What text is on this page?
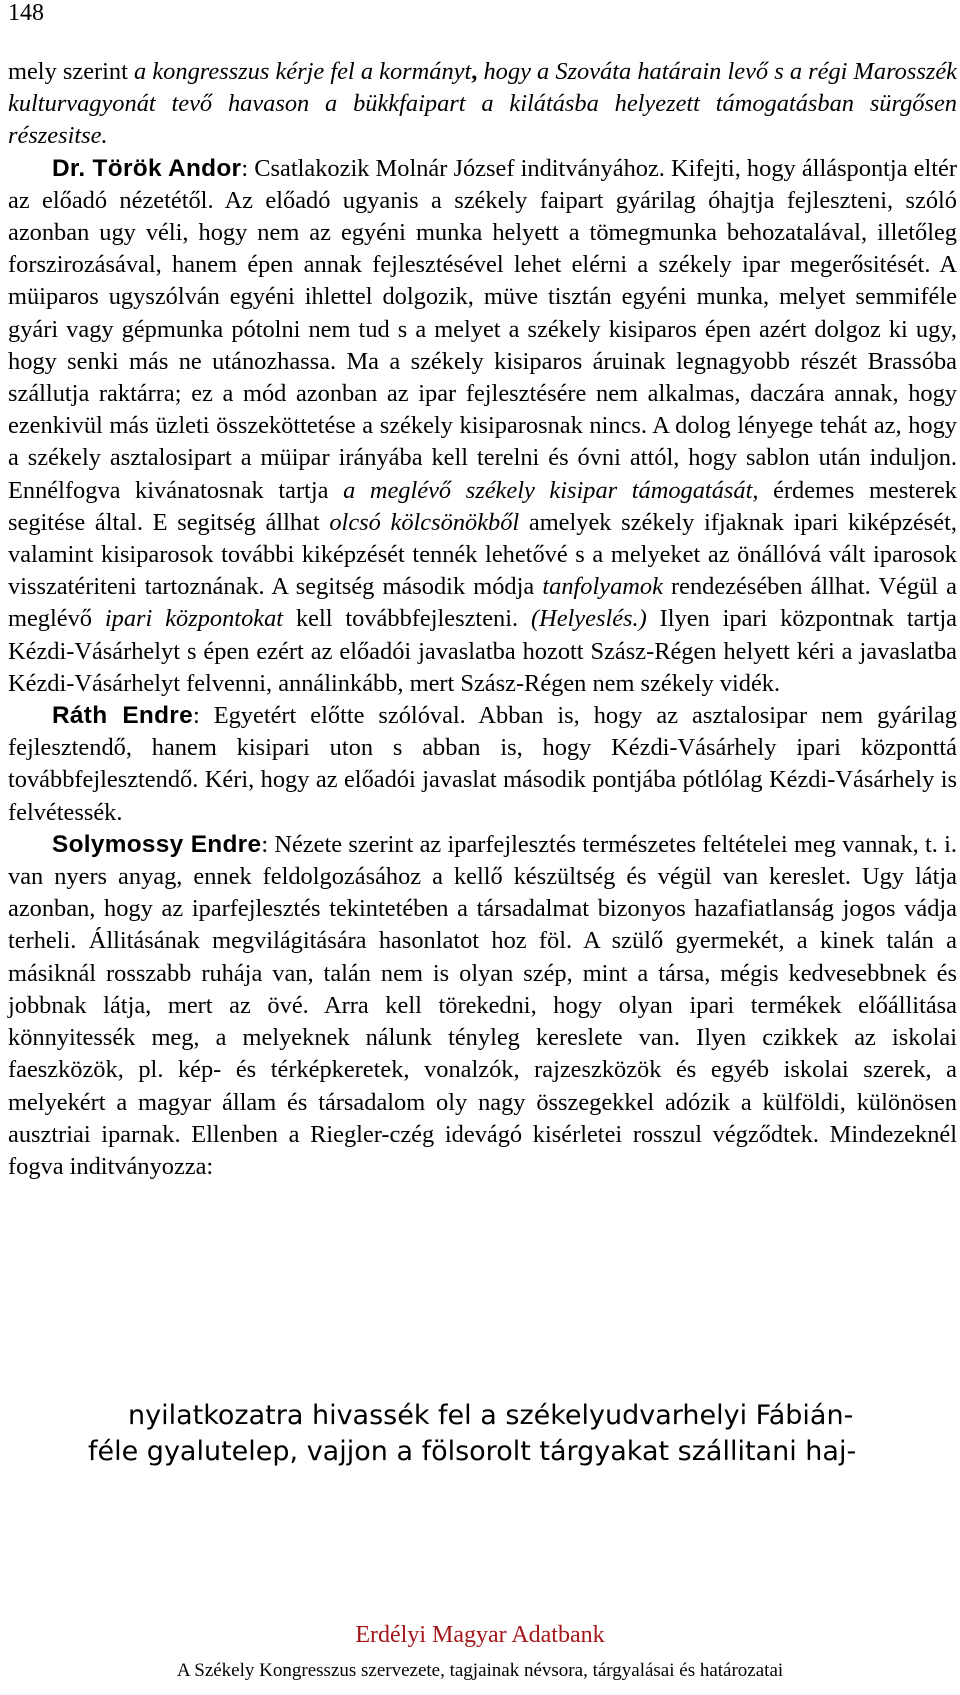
148

mely szerint a kongresszus kérje fel a kormányt, hogy a Szováta határain levő s a régi Marosszék kulturvagyonát tevő havason a bükkfaipart a kilátásba helyezett támogatásban sürgősen részesitse.

Dr. Török Andor: Csatlakozik Molnár József inditványához. Kifejti, hogy álláspontja eltér az előadó nézetétől. Az előadó ugyanis a székely faipart gyárilag óhajtja fejleszteni, szóló azonban ugy véli, hogy nem az egyéni munka helyett a tömegmunka behozatalával, illetőleg forszirozásával, hanem épen annak fejlesztésével lehet elérni a székely ipar megerősitését. A müiparos ugyszólván egyéni ihlettel dolgozik, müve tisztán egyéni munka, melyet semmiféle gyári vagy gépmunka pótolni nem tud s a melyet a székely kisiparos épen azért dolgoz ki ugy, hogy senki más ne utánozhassa. Ma a székely kisiparos áruinak legnagyobb részét Brassóba szállutja raktárra; ez a mód azonban az ipar fejlesztésére nem alkalmas, daczára annak, hogy ezenkivül más üzleti összeköttetése a székely kisiparosnak nincs. A dolog lényege tehát az, hogy a székely asztalosipart a müipar irányába kell terelni és óvni attól, hogy sablon után induljon. Ennélfogva kivánatosnak tartja a meglévő székely kisipar támogatását, érdemes mesterek segitése által. E segitség állhat olcsó kölcsönökből amelyek székely ifjaknak ipari kiképzését, valamint kisiparosok további kiképzését tennék lehetővé s a melyeket az önállóvá vált iparosok visszatériteni tartoznának. A segitség második módja tanfolyamok rendezésében állhat. Végül a meglévő ipari központokat kell továbbfejleszteni. (Helyeslés.) Ilyen ipari központnak tartja Kézdi-Vásárhelyt s épen ezért az előadói javaslatba hozott Szász-Régen helyett kéri a javaslatba Kézdi-Vásárhelyt felvenni, annálinkább, mert Szász-Régen nem székely vidék.

Ráth Endre: Egyetért előtte szólóval. Abban is, hogy az asztalosipar nem gyárilag fejlesztendő, hanem kisipari uton s abban is, hogy Kézdi-Vásárhely ipari központtá továbbfejlesztendő. Kéri, hogy az előadói javaslat második pontjába pótlólag Kézdi-Vásárhely is felvétessék.

Solymossy Endre: Nézete szerint az iparfejlesztés természetes feltételei meg vannak, t. i. van nyers anyag, ennek feldolgozásához a kellő készültség és végül van kereslet. Ugy látja azonban, hogy az iparfejlesztés tekintetében a társadalmat bizonyos hazafiatlanság jogos vádja terheli. Állitásának megvilágitására hasonlatot hoz föl. A szülő gyermekét, a kinek talán a másiknál rosszabb ruhája van, talán nem is olyan szép, mint a társa, mégis kedvesebbnek és jobbnak látja, mert az övé. Arra kell törekedni, hogy olyan ipari termékek előállitása könnyitessék meg, a melyeknek nálunk tényleg kereslete van. Ilyen czikkek az iskolai faeszközök, pl. kép- és térképkeretek, vonalzók, rajzeszközök és egyéb iskolai szerek, a melyekért a magyar állam és társadalom oly nagy összegekkel adózik a külföldi, különösen ausztriai iparnak. Ellenben a Riegler-czég idevágó kisérletei rosszul végződtek. Mindezeknél fogva inditványozza:

nyilatkozatra hivassék fel a székelyudvarhelyi Fábián-
féle gyalutelep, vajjon a fölsorolt tárgyakat szállitani haj-
Erdélyi Magyar Adatbank
A Székely Kongresszus szervezete, tagjainak névsora, tárgyalásai és határozatai
